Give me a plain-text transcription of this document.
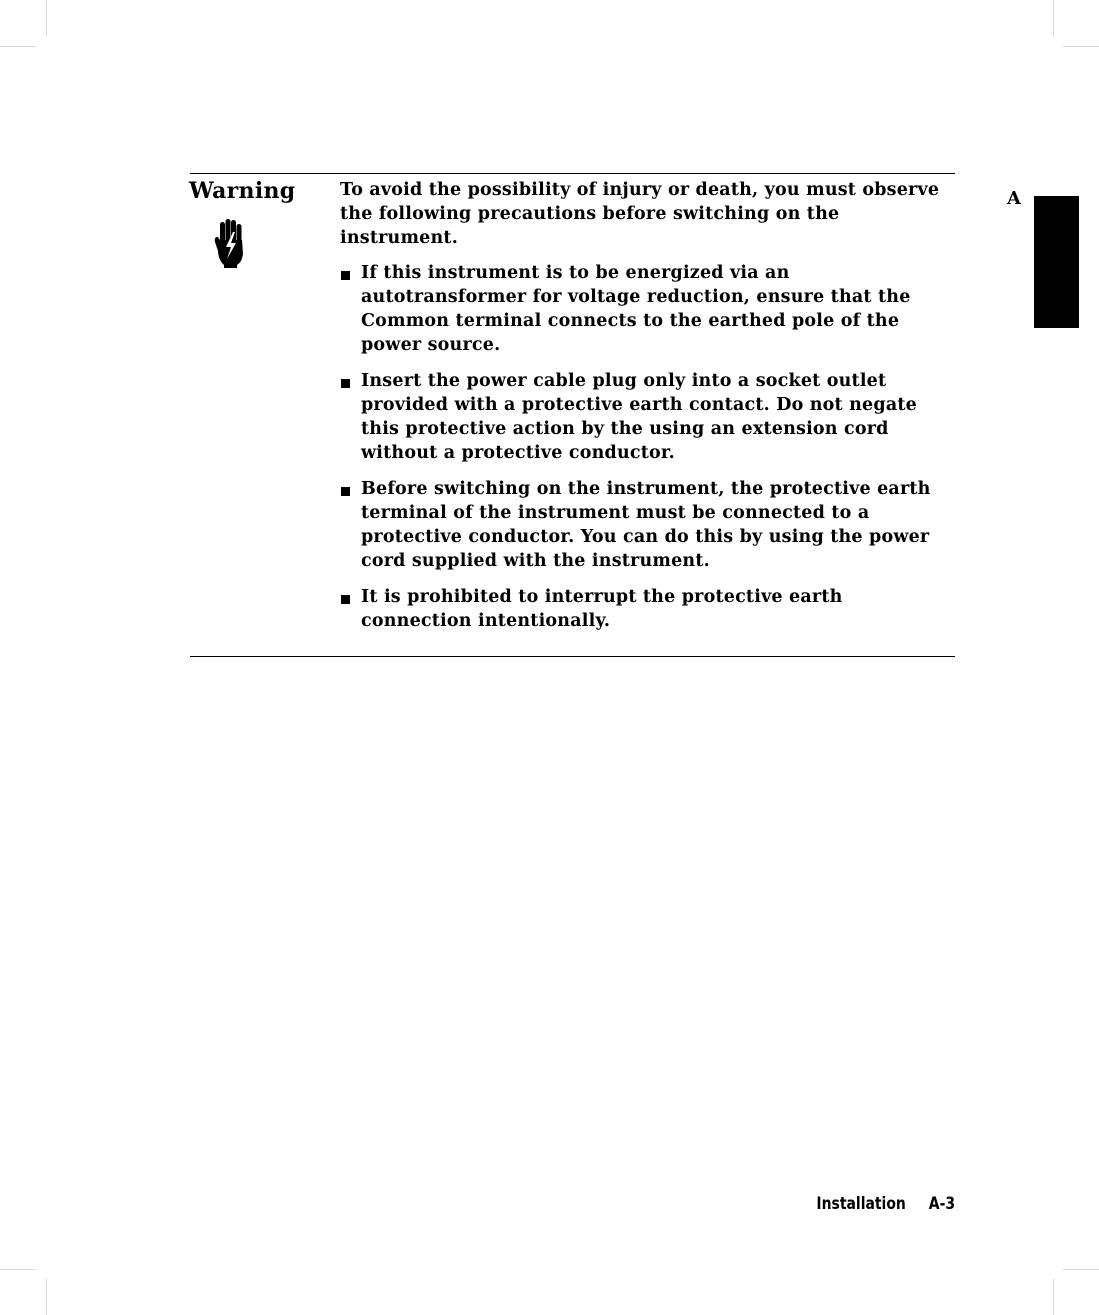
Warning	To avoid the possibility of injury or death, you must observe the following precautions before switching on the instrument.

If this instrument is to be energized via an autotransformer for voltage reduction, ensure that the Common terminal connects to the earthed pole of the power source.
Insert the power cable plug only into a socket outlet provided with a protective earth contact. Do not negate this protective action by the using an extension cord without a protective conductor.
Before switching on the instrument, the protective earth terminal of the instrument must be connected to a protective conductor. You can do this by using the power cord supplied with the instrument.
It is prohibited to interrupt the protective earth connection intentionally.
A
Installation A-3
